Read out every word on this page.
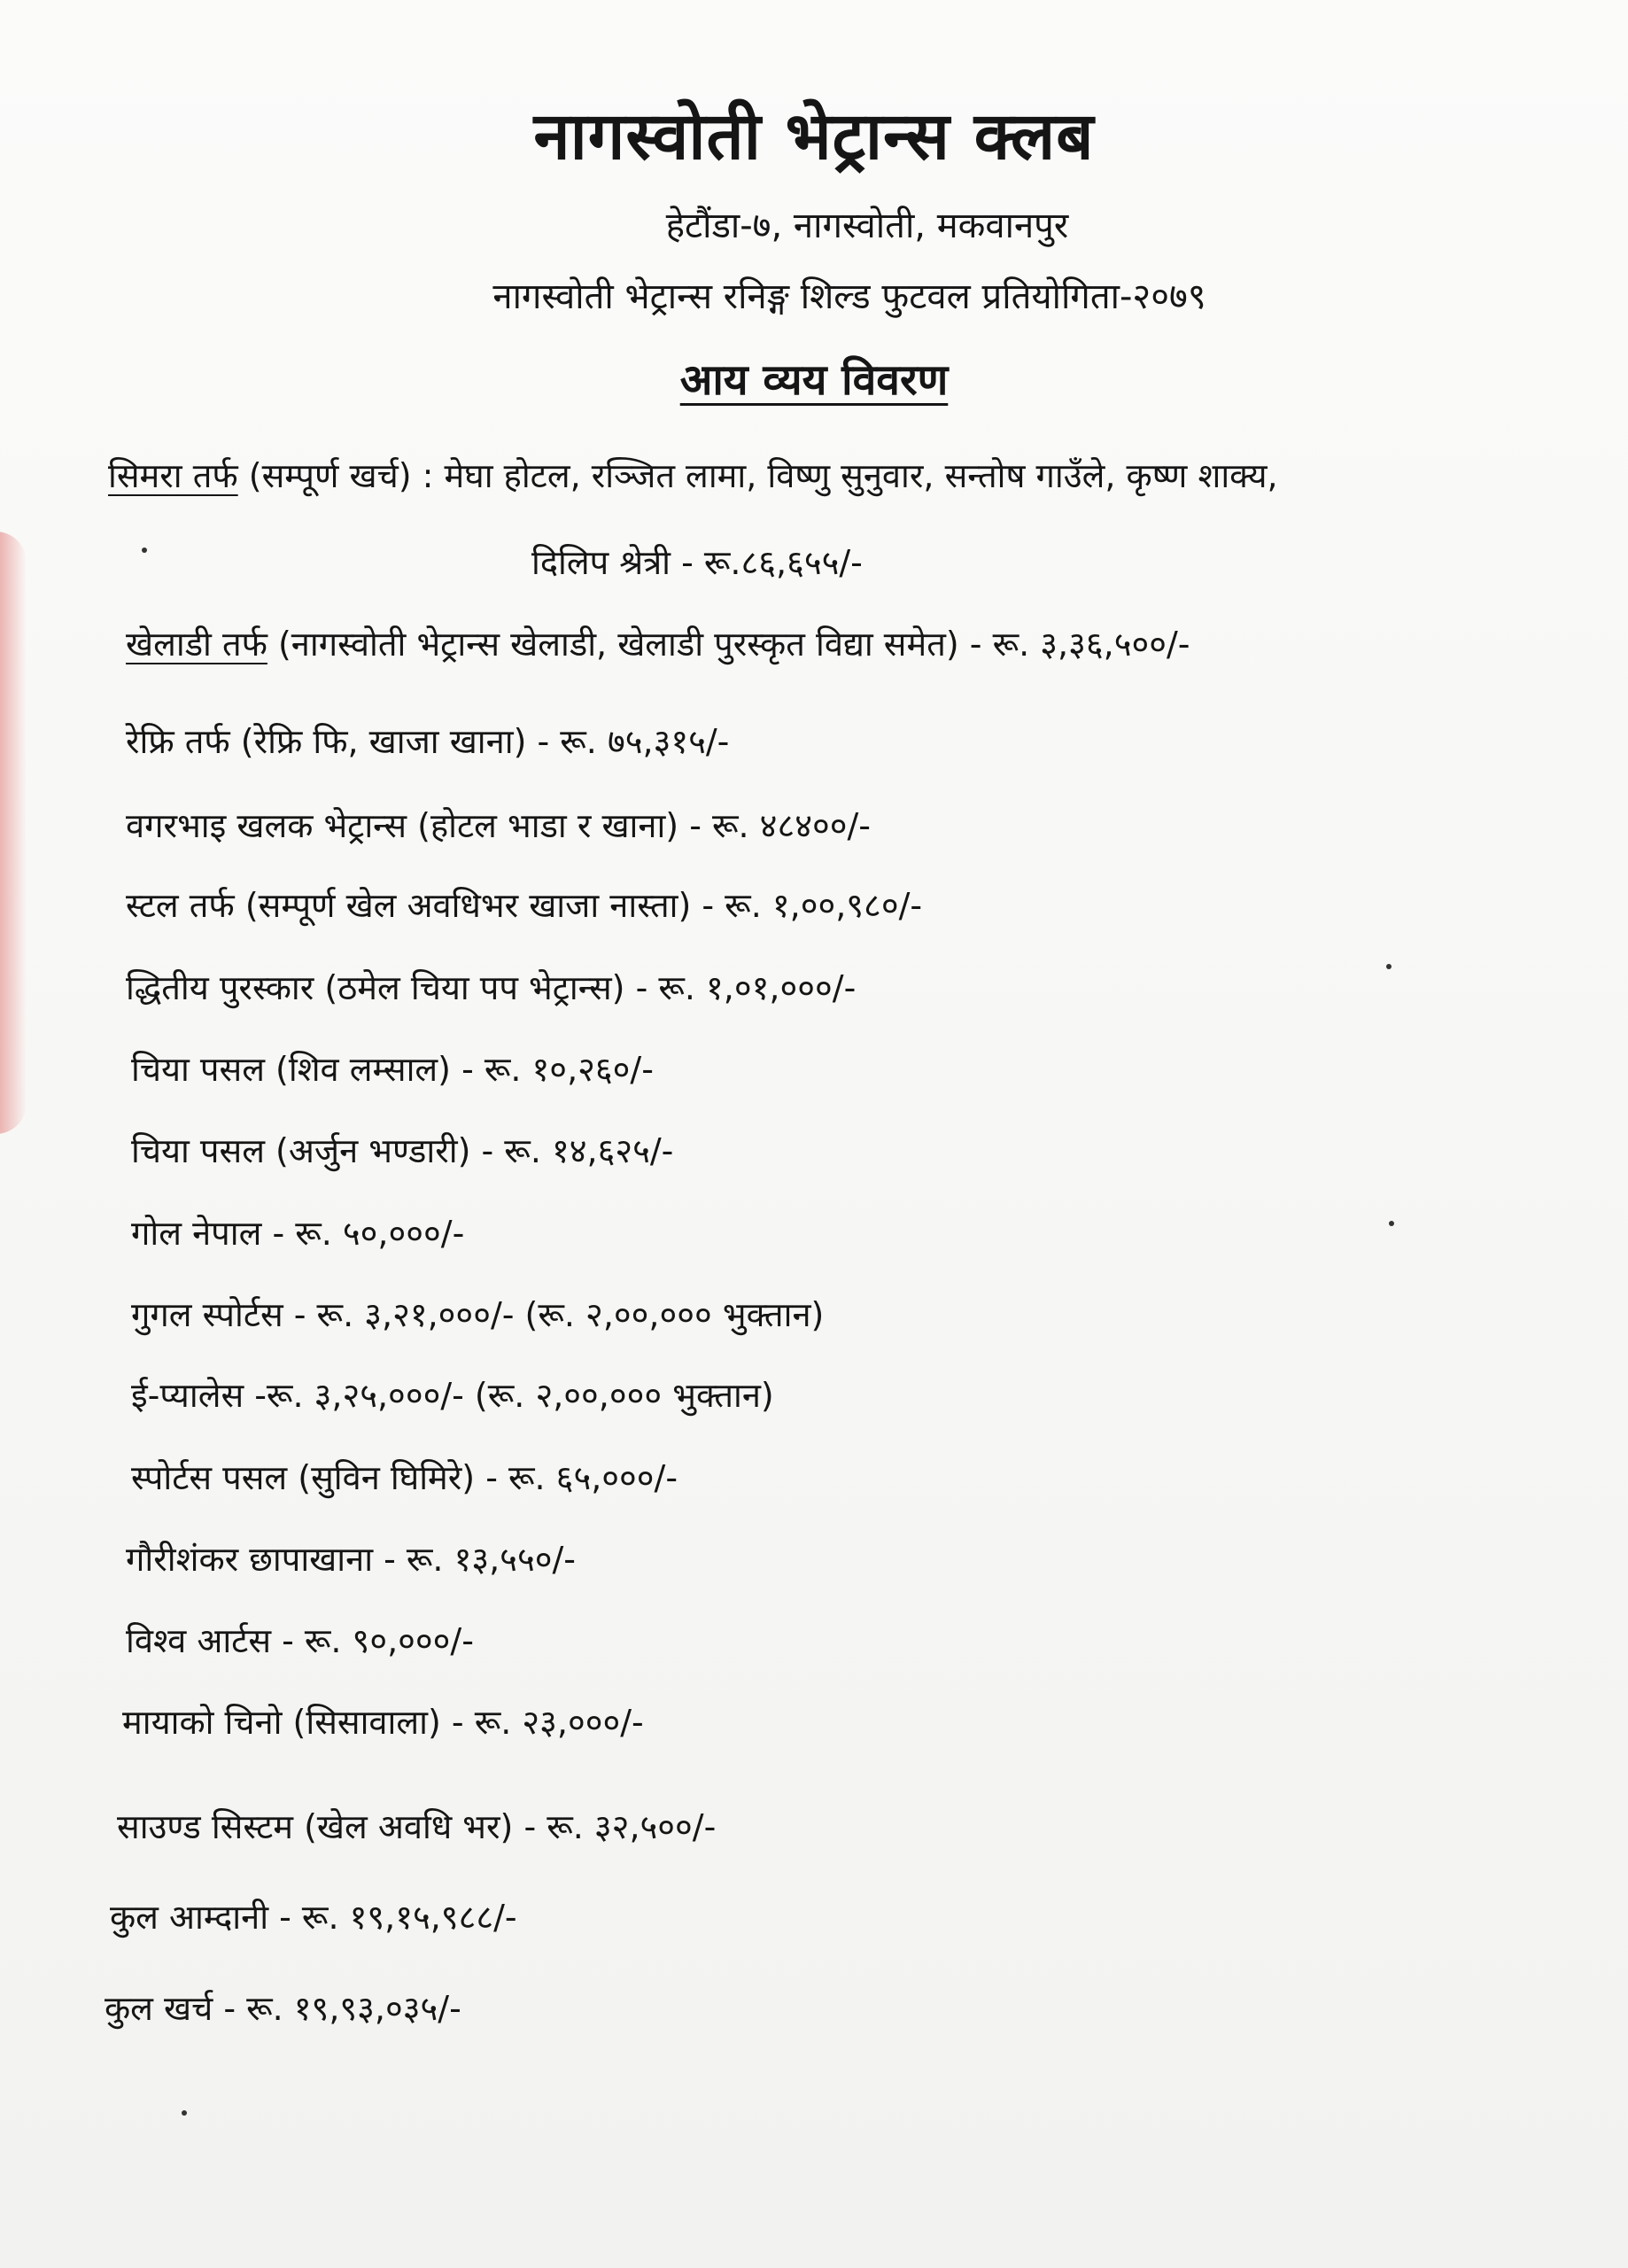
नागस्वोती भेट्रान्स क्लब
हेटौंडा-७, नागस्वोती, मकवानपुर
नागस्वोती भेट्रान्स रनिङ्ग शिल्ड फुटवल प्रतियोगिता-२०७९
आय व्यय विवरण
सिमरा तर्फ (सम्पूर्ण खर्च) : मेघा होटल, रञ्जित लामा, विष्णु सुनुवार, सन्तोष गाउँले, कृष्ण शाक्य,
दिलिप श्रेत्री - रू.८६,६५५/-
खेलाडी तर्फ (नागस्वोती भेट्रान्स खेलाडी, खेलाडी पुरस्कृत विद्या समेत) - रू. ३,३६,५००/-
रेफ्रि तर्फ (रेफ्रि फि, खाजा खाना) - रू. ७५,३१५/-
वगरभाइ खलक भेट्रान्स (होटल भाडा र खाना) - रू. ४८४००/-
स्टल तर्फ (सम्पूर्ण खेल अवधिभर खाजा नास्ता) - रू. १,००,९८०/-
द्धितीय पुरस्कार (ठमेल चिया पप भेट्रान्स) - रू. १,०१,०००/-
चिया पसल (शिव लम्साल) - रू. १०,२६०/-
चिया पसल (अर्जुन भण्डारी) - रू. १४,६२५/-
गोल नेपाल - रू. ५०,०००/-
गुगल स्पोर्टस - रू. ३,२१,०००/- (रू. २,००,००० भुक्तान)
ई-प्यालेस -रू. ३,२५,०००/- (रू. २,००,००० भुक्तान)
स्पोर्टस पसल (सुविन घिमिरे) - रू. ६५,०००/-
गौरीशंकर छापाखाना - रू. १३,५५०/-
विश्व आर्टस - रू. ९०,०००/-
मायाको चिनो (सिसावाला) - रू. २३,०००/-
साउण्ड सिस्टम (खेल अवधि भर) - रू. ३२,५००/-
कुल आम्दानी - रू. १९,१५,९८८/-
कुल खर्च - रू. १९,९३,०३५/-
